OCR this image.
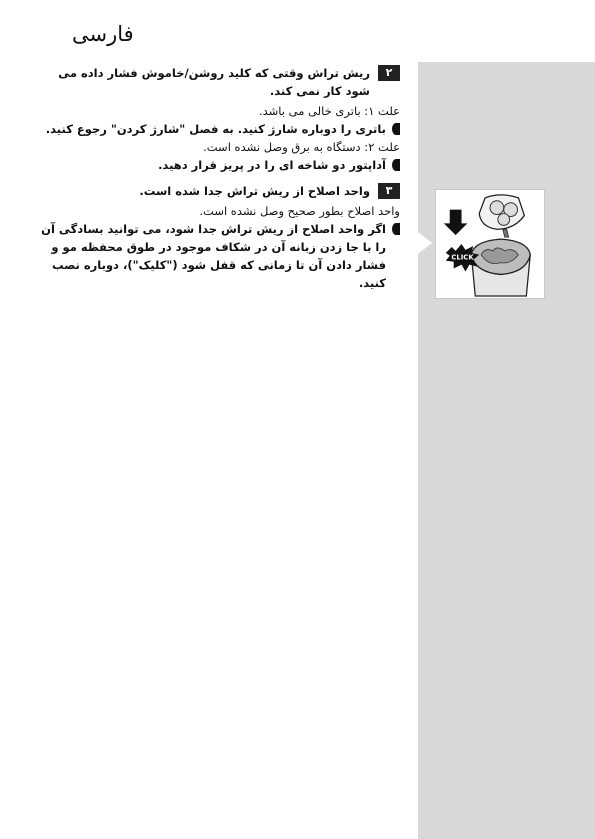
فارسی
CLICK
۲
ریش تراش وقتی که کلید روشن/خاموش فشار داده می شود کار نمی کند.

علت ۱: باتری خالی می باشد.

باتری را دوباره شارژ کنید. به فصل "شارژ کردن" رجوع کنید.

علت ۲: دستگاه به برق وصل نشده است.

آداپتور دو شاخه ای را در پریز قرار دهید.
۳
واحد اصلاح از ریش تراش جدا شده است.

واحد اصلاح بطور صحیح وصل نشده است.

اگر واحد اصلاح از ریش تراش جدا شود، می توانید بسادگی آن را با جا زدن زبانه آن در شکاف موجود در طوق محفظه مو و فشار دادن آن تا زمانی که قفل شود ("کلیک")، دوباره نصب کنید.
